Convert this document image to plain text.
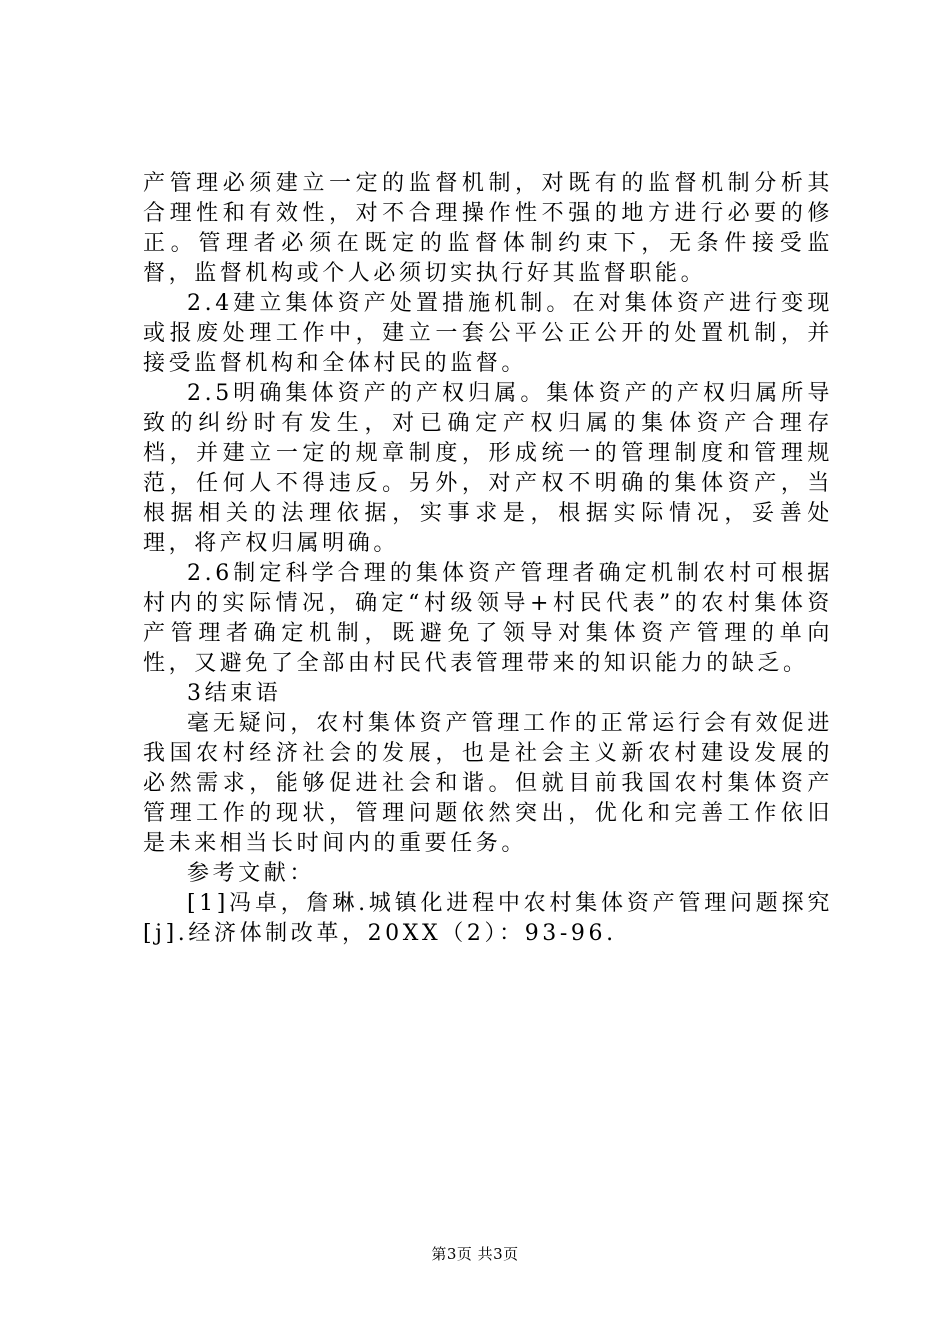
产管理必须建立一定的监督机制，对既有的监督机制分析其合理性和有效性，对不合理操作性不强的地方进行必要的修正。管理者必须在既定的监督体制约束下，无条件接受监督，监督机构或个人必须切实执行好其监督职能。

2.4建立集体资产处置措施机制。在对集体资产进行变现或报废处理工作中，建立一套公平公正公开的处置机制，并接受监督机构和全体村民的监督。

2.5明确集体资产的产权归属。集体资产的产权归属所导致的纠纷时有发生，对已确定产权归属的集体资产合理存档，并建立一定的规章制度，形成统一的管理制度和管理规范，任何人不得违反。另外，对产权不明确的集体资产，当根据相关的法理依据，实事求是，根据实际情况，妥善处理，将产权归属明确。

2.6制定科学合理的集体资产管理者确定机制农村可根据村内的实际情况，确定“村级领导+村民代表”的农村集体资产管理者确定机制，既避免了领导对集体资产管理的单向性，又避免了全部由村民代表管理带来的知识能力的缺乏。

3结束语

毫无疑问，农村集体资产管理工作的正常运行会有效促进我国农村经济社会的发展，也是社会主义新农村建设发展的必然需求，能够促进社会和谐。但就目前我国农村集体资产管理工作的现状，管理问题依然突出，优化和完善工作依旧是未来相当长时间内的重要任务。

参考文献：

[1]冯卓，詹琳.城镇化进程中农村集体资产管理问题探究[j].经济体制改革，20XX（2）：93-96.

第3页 共3页
